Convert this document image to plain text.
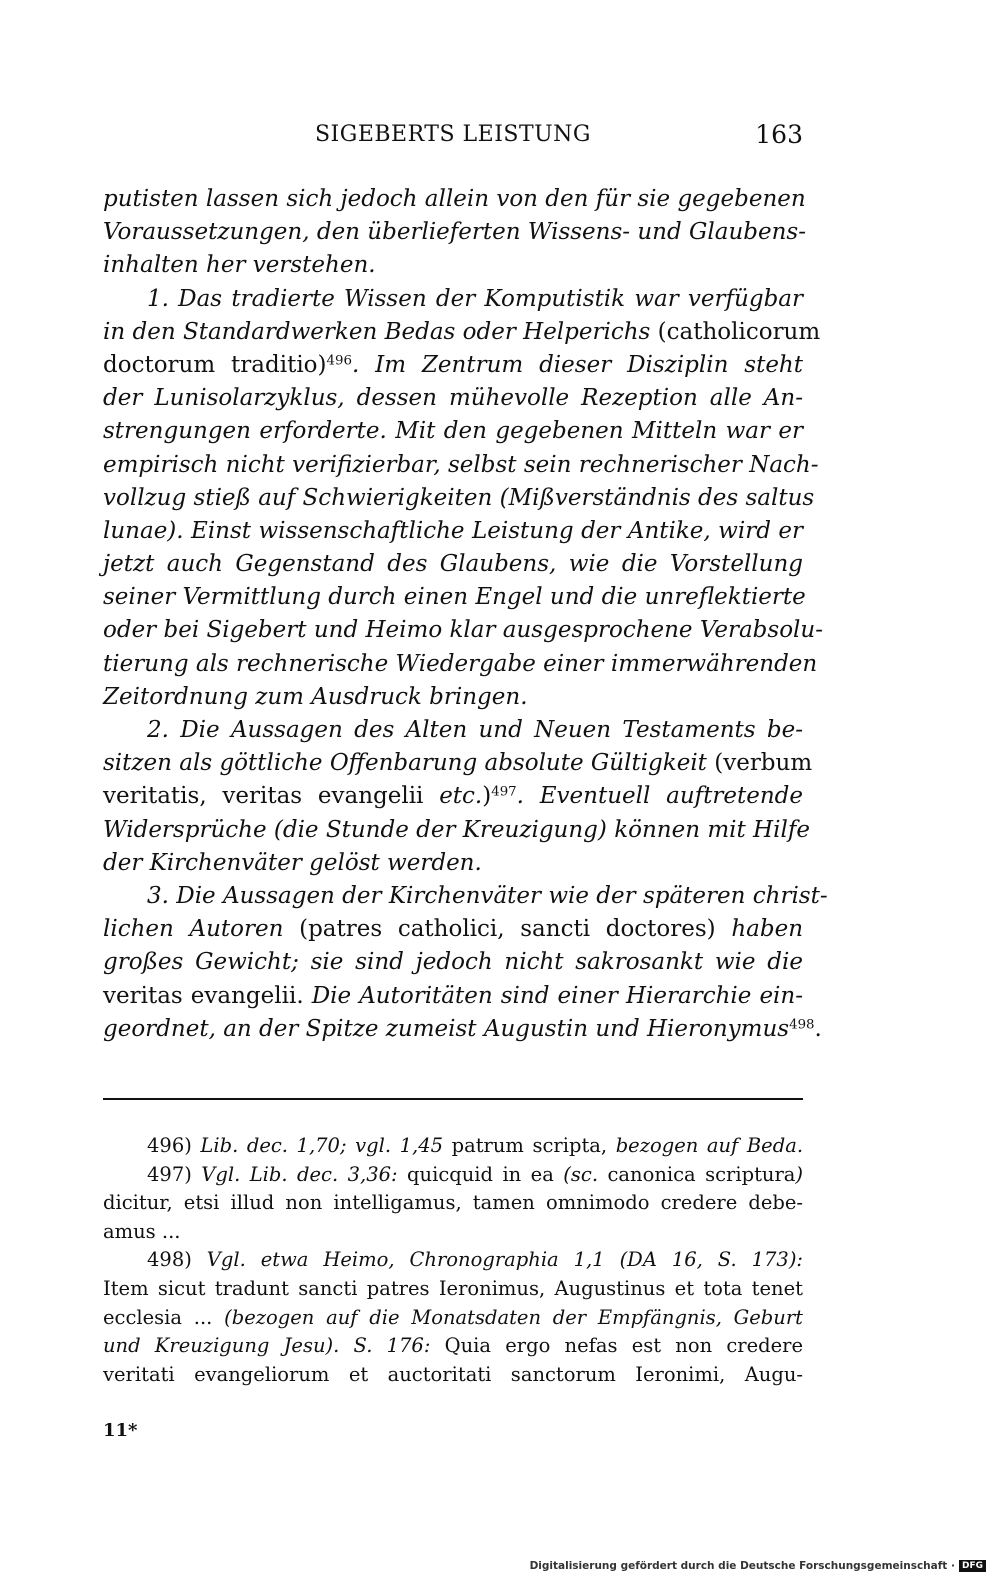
SIGEBERTS LEISTUNG	163
putisten lassen sich jedoch allein von den für sie gegebenen
Voraussetzungen, den überlieferten Wissens- und Glaubens-
inhalten her verstehen.
1. Das tradierte Wissen der Komputistik war verfügbar
in den Standardwerken Bedas oder Helperichs (catholicorum
doctorum traditio)$^{496}$. Im Zentrum dieser Disziplin steht
der Lunisolarzyklus, dessen mühevolle Rezeption alle An-
strengungen erforderte. Mit den gegebenen Mitteln war er
empirisch nicht verifizierbar, selbst sein rechnerischer Nach-
vollzug stieß auf Schwierigkeiten (Mißverständnis des saltus
lunae). Einst wissenschaftliche Leistung der Antike, wird er
jetzt auch Gegenstand des Glaubens, wie die Vorstellung
seiner Vermittlung durch einen Engel und die unreflektierte
oder bei Sigebert und Heimo klar ausgesprochene Verabsolu-
tierung als rechnerische Wiedergabe einer immerwährenden
Zeitordnung zum Ausdruck bringen.
2. Die Aussagen des Alten und Neuen Testaments be-
sitzen als göttliche Offenbarung absolute Gültigkeit (verbum
veritatis, veritas evangelii etc.)$^{497}$. Eventuell auftretende
Widersprüche (die Stunde der Kreuzigung) können mit Hilfe
der Kirchenväter gelöst werden.
3. Die Aussagen der Kirchenväter wie der späteren christ-
lichen Autoren (patres catholici, sancti doctores) haben
großes Gewicht; sie sind jedoch nicht sakrosankt wie die
veritas evangelii. Die Autoritäten sind einer Hierarchie ein-
geordnet, an der Spitze zumeist Augustin und Hieronymus$^{498}$.
496) Lib. dec. 1,70; vgl. 1,45 patrum scripta, bezogen auf Beda.
497) Vgl. Lib. dec. 3,36: quicquid in ea (sc. canonica scriptura)
dicitur, etsi illud non intelligamus, tamen omnimodo credere debe-
amus ...
498) Vgl. etwa Heimo, Chronographia 1,1 (DA 16, S. 173):
Item sicut tradunt sancti patres Ieronimus, Augustinus et tota tenet
ecclesia ... (bezogen auf die Monatsdaten der Empfängnis, Geburt
und Kreuzigung Jesu). S. 176: Quia ergo nefas est non credere
veritati evangeliorum et auctoritati sanctorum Ieronimi, Augu-
11*
Digitalisierung gefördert durch die Deutsche Forschungsgemeinschaft · DFG
